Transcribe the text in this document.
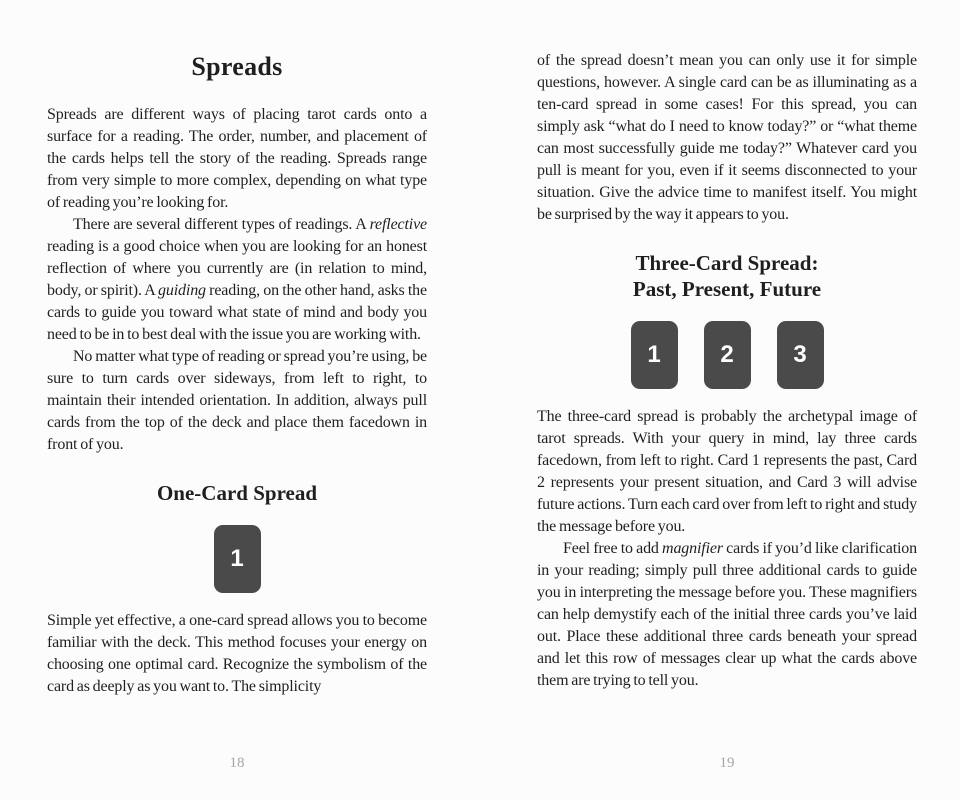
Spreads

Spreads are different ways of placing tarot cards onto a surface for a reading. The order, number, and placement of the cards helps tell the story of the reading. Spreads range from very simple to more complex, depending on what type of reading you’re looking for.

There are several different types of readings. A reflective reading is a good choice when you are looking for an honest reflection of where you currently are (in relation to mind, body, or spirit). A guiding reading, on the other hand, asks the cards to guide you toward what state of mind and body you need to be in to best deal with the issue you are working with.

No matter what type of reading or spread you’re using, be sure to turn cards over sideways, from left to right, to maintain their intended orientation. In addition, always pull cards from the top of the deck and place them facedown in front of you.

One-Card Spread
1

Simple yet effective, a one-card spread allows you to become familiar with the deck. This method focuses your energy on choosing one optimal card. Recognize the symbolism of the card as deeply as you want to. The simplicity

18

of the spread doesn’t mean you can only use it for simple questions, however. A single card can be as illuminating as a ten-card spread in some cases! For this spread, you can simply ask “what do I need to know today?” or “what theme can most successfully guide me today?” Whatever card you pull is meant for you, even if it seems disconnected to your situation. Give the advice time to manifest itself. You might be surprised by the way it appears to you.

Three-Card Spread:
Past, Present, Future
1 2 3

The three-card spread is probably the archetypal image of tarot spreads. With your query in mind, lay three cards facedown, from left to right. Card 1 represents the past, Card 2 represents your present situation, and Card 3 will advise future actions. Turn each card over from left to right and study the message before you.

Feel free to add magnifier cards if you’d like clarification in your reading; simply pull three additional cards to guide you in interpreting the message before you. These magnifiers can help demystify each of the initial three cards you’ve laid out. Place these additional three cards beneath your spread and let this row of messages clear up what the cards above them are trying to tell you.

19
